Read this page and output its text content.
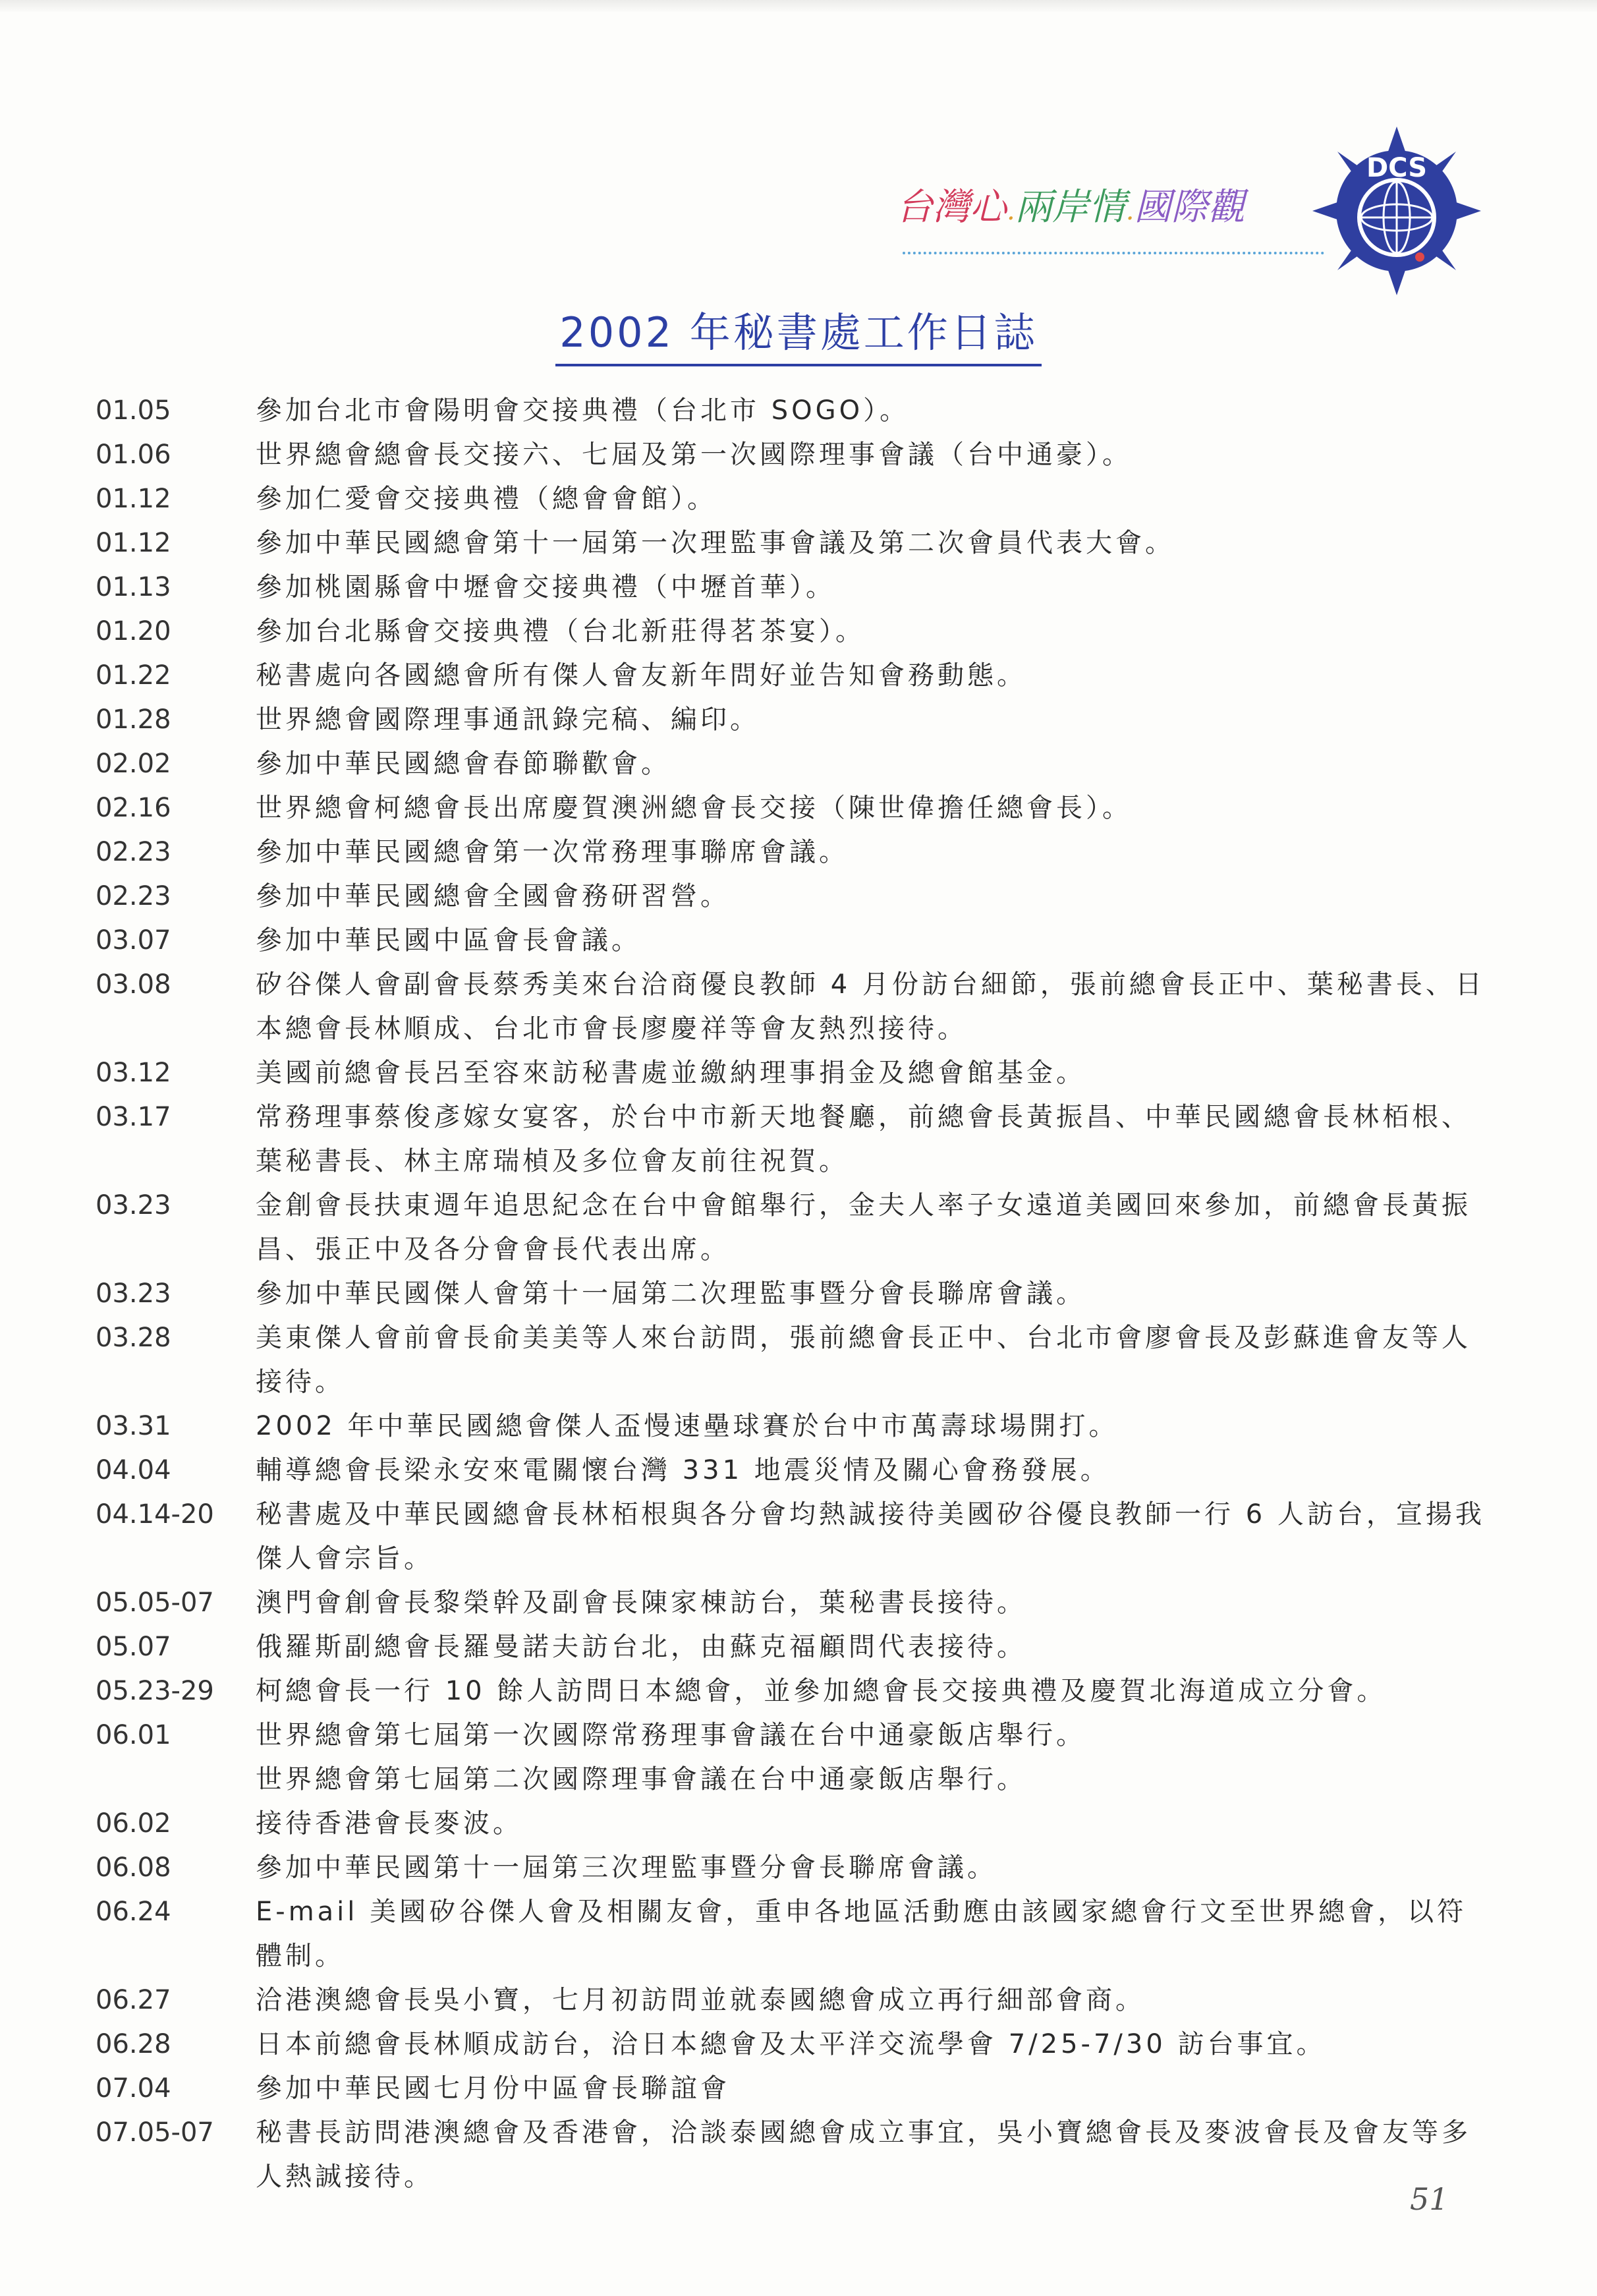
台灣心.兩岸情.國際觀
DCS
2002 年秘書處工作日誌
01.05	參加台北市會陽明會交接典禮（台北市 SOGO）。
01.06	世界總會總會長交接六、七屆及第一次國際理事會議（台中通豪）。
01.12	參加仁愛會交接典禮（總會會館）。
01.12	參加中華民國總會第十一屆第一次理監事會議及第二次會員代表大會。
01.13	參加桃園縣會中壢會交接典禮（中壢首華）。
01.20	參加台北縣會交接典禮（台北新莊得茗茶宴）。
01.22	秘書處向各國總會所有傑人會友新年問好並告知會務動態。
01.28	世界總會國際理事通訊錄完稿、編印。
02.02	參加中華民國總會春節聯歡會。
02.16	世界總會柯總會長出席慶賀澳洲總會長交接（陳世偉擔任總會長）。
02.23	參加中華民國總會第一次常務理事聯席會議。
02.23	參加中華民國總會全國會務研習營。
03.07	參加中華民國中區會長會議。
03.08	矽谷傑人會副會長蔡秀美來台洽商優良教師 4 月份訪台細節，張前總會長正中、葉秘書長、日本總會長林順成、台北市會長廖慶祥等會友熱烈接待。
03.12	美國前總會長呂至容來訪秘書處並繳納理事捐金及總會館基金。
03.17	常務理事蔡俊彥嫁女宴客，於台中市新天地餐廳，前總會長黃振昌、中華民國總會長林栢根、葉秘書長、林主席瑞楨及多位會友前往祝賀。
03.23	金創會長扶東週年追思紀念在台中會館舉行，金夫人率子女遠道美國回來參加，前總會長黃振昌、張正中及各分會會長代表出席。
03.23	參加中華民國傑人會第十一屆第二次理監事暨分會長聯席會議。
03.28	美東傑人會前會長俞美美等人來台訪問，張前總會長正中、台北市會廖會長及彭蘇進會友等人接待。
03.31	2002 年中華民國總會傑人盃慢速壘球賽於台中市萬壽球場開打。
04.04	輔導總會長梁永安來電關懷台灣 331 地震災情及關心會務發展。
04.14-20	秘書處及中華民國總會長林栢根與各分會均熱誠接待美國矽谷優良教師一行 6 人訪台，宣揚我傑人會宗旨。
05.05-07	澳門會創會長黎榮幹及副會長陳家棟訪台，葉秘書長接待。
05.07	俄羅斯副總會長羅曼諾夫訪台北，由蘇克福顧問代表接待。
05.23-29	柯總會長一行 10 餘人訪問日本總會，並參加總會長交接典禮及慶賀北海道成立分會。
06.01	世界總會第七屆第一次國際常務理事會議在台中通豪飯店舉行。
世界總會第七屆第二次國際理事會議在台中通豪飯店舉行。
06.02	接待香港會長麥波。
06.08	參加中華民國第十一屆第三次理監事暨分會長聯席會議。
06.24	E-mail 美國矽谷傑人會及相關友會，重申各地區活動應由該國家總會行文至世界總會，以符體制。
06.27	洽港澳總會長吳小寶，七月初訪問並就泰國總會成立再行細部會商。
06.28	日本前總會長林順成訪台，洽日本總會及太平洋交流學會 7/25-7/30 訪台事宜。
07.04	參加中華民國七月份中區會長聯誼會
07.05-07	秘書長訪問港澳總會及香港會，洽談泰國總會成立事宜，吳小寶總會長及麥波會長及會友等多人熱誠接待。
51
